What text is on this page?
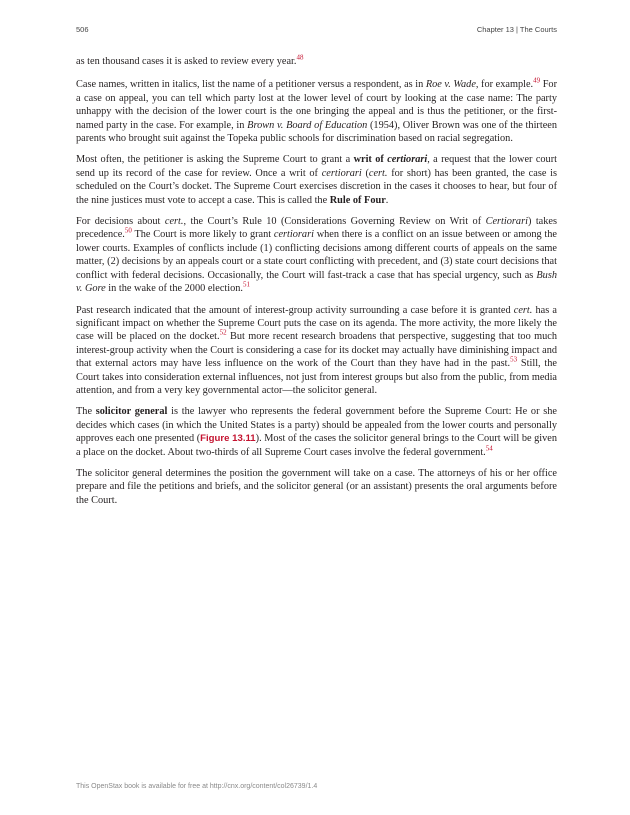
506	Chapter 13 | The Courts

as ten thousand cases it is asked to review every year.$^{48}$

Case names, written in italics, list the name of a petitioner versus a respondent, as in Roe v. Wade, for example.$^{49}$ For a case on appeal, you can tell which party lost at the lower level of court by looking at the case name: The party unhappy with the decision of the lower court is the one bringing the appeal and is thus the petitioner, or the first-named party in the case. For example, in Brown v. Board of Education (1954), Oliver Brown was one of the thirteen parents who brought suit against the Topeka public schools for discrimination based on racial segregation.

Most often, the petitioner is asking the Supreme Court to grant a writ of certiorari, a request that the lower court send up its record of the case for review. Once a writ of certiorari (cert. for short) has been granted, the case is scheduled on the Court’s docket. The Supreme Court exercises discretion in the cases it chooses to hear, but four of the nine justices must vote to accept a case. This is called the Rule of Four.

For decisions about cert., the Court’s Rule 10 (Considerations Governing Review on Writ of Certiorari) takes precedence.$^{50}$ The Court is more likely to grant certiorari when there is a conflict on an issue between or among the lower courts. Examples of conflicts include (1) conflicting decisions among different courts of appeals on the same matter, (2) decisions by an appeals court or a state court conflicting with precedent, and (3) state court decisions that conflict with federal decisions. Occasionally, the Court will fast-track a case that has special urgency, such as Bush v. Gore in the wake of the 2000 election.$^{51}$

Past research indicated that the amount of interest-group activity surrounding a case before it is granted cert. has a significant impact on whether the Supreme Court puts the case on its agenda. The more activity, the more likely the case will be placed on the docket.$^{52}$ But more recent research broadens that perspective, suggesting that too much interest-group activity when the Court is considering a case for its docket may actually have diminishing impact and that external actors may have less influence on the work of the Court than they have had in the past.$^{53}$ Still, the Court takes into consideration external influences, not just from interest groups but also from the public, from media attention, and from a very key governmental actor—the solicitor general.

The solicitor general is the lawyer who represents the federal government before the Supreme Court: He or she decides which cases (in which the United States is a party) should be appealed from the lower courts and personally approves each one presented (Figure 13.11). Most of the cases the solicitor general brings to the Court will be given a place on the docket. About two-thirds of all Supreme Court cases involve the federal government.$^{54}$

The solicitor general determines the position the government will take on a case. The attorneys of his or her office prepare and file the petitions and briefs, and the solicitor general (or an assistant) presents the oral arguments before the Court.

This OpenStax book is available for free at http://cnx.org/content/col26739/1.4
